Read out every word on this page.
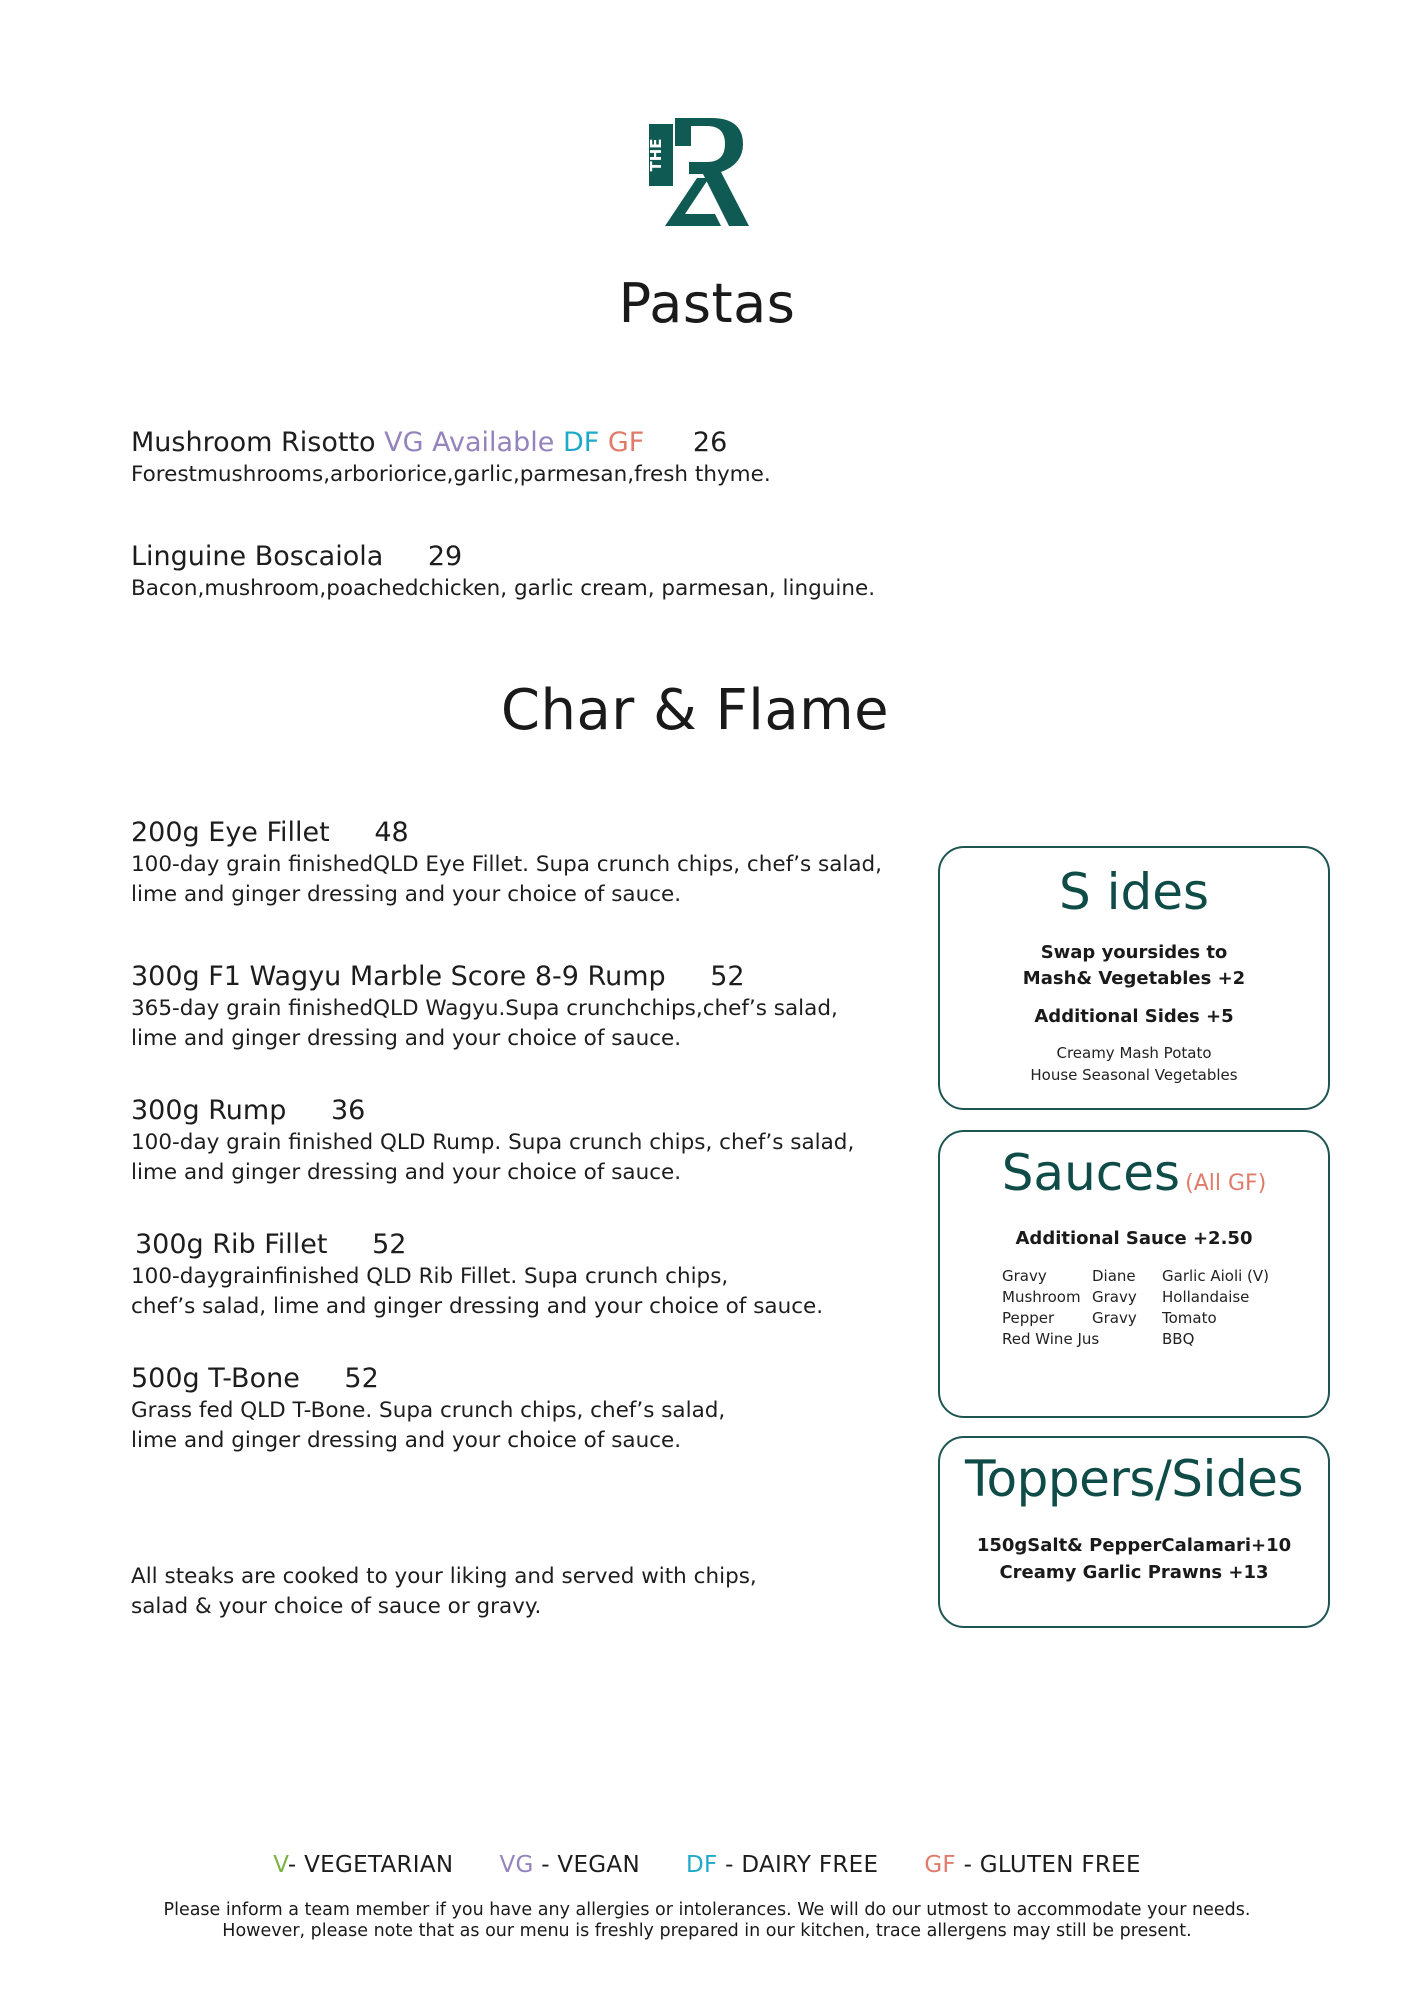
THE
Pastas
Mushroom Risotto VG Available DF GF 26
Forestmushrooms,arboriorice,garlic,parmesan,fresh thyme.
Linguine Boscaiola 29
Bacon,mushroom,poachedchicken, garlic cream, parmesan, linguine.
Char & Flame
200g Eye Fillet 48
100-day grain finishedQLD Eye Fillet. Supa crunch chips, chef’s salad,
lime and ginger dressing and your choice of sauce.
300g F1 Wagyu Marble Score 8-9 Rump 52
365-day grain finishedQLD Wagyu.Supa crunchchips,chef’s salad,
lime and ginger dressing and your choice of sauce.
300g Rump 36
100-day grain finished QLD Rump. Supa crunch chips, chef’s salad,
lime and ginger dressing and your choice of sauce.
300g Rib Fillet 52
100-daygrainfinished QLD Rib Fillet. Supa crunch chips,
chef’s salad, lime and ginger dressing and your choice of sauce.
500g T-Bone 52
Grass fed QLD T-Bone. Supa crunch chips, chef’s salad,
lime and ginger dressing and your choice of sauce.
All steaks are cooked to your liking and served with chips,
salad & your choice of sauce or gravy.
S ides
Swap yoursides to
Mash& Vegetables +2
Additional Sides +5
Creamy Mash Potato
House Seasonal Vegetables
Sauces (All GF)
Additional Sauce +2.50
Gravy
Mushroom
Pepper
Red Wine Jus
Diane
Gravy
Gravy
Garlic Aioli (V)
Hollandaise
Tomato
BBQ
Toppers/Sides
150gSalt& PepperCalamari+10
Creamy Garlic Prawns +13
V- VEGETARIAN VG - VEGAN DF - DAIRY FREE GF - GLUTEN FREE
Please inform a team member if you have any allergies or intolerances. We will do our utmost to accommodate your needs. However, please note that as our menu is freshly prepared in our kitchen, trace allergens may still be present.
